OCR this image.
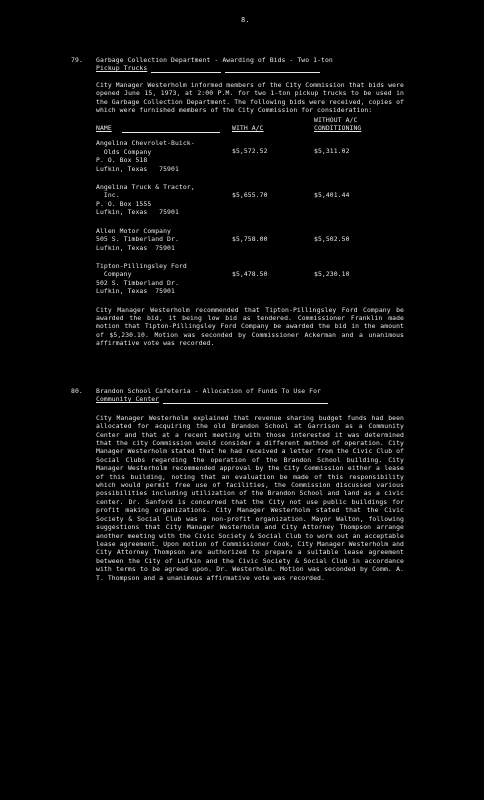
8.
79. Garbage Collection Department - Awarding of Bids - Two 1-ton
Pickup Trucks

City Manager Westerholm informed members of the City Commission that bids were opened June 15, 1973, at 2:00 P.M. for two 1-ton pickup trucks to be used in the Garbage Collection Department. The following bids were received, copies of which were furnished members of the City Commission for consideration:

WITHOUT A/C
NAME	WITH A/C	CONDITIONING
Angelina Chevrolet-Buick-
Olds Company
P. O. Box 518
Lufkin, Texas   75901
$5,572.52	$5,311.02
Angelina Truck & Tractor,
Inc.
P. O. Box 1555
Lufkin, Texas   75901
$5,655.70	$5,401.44
Allen Motor Company
505 S. Timberland Dr.
Lufkin, Texas  75901
$5,758.00	$5,502.50
Tipton-Pillingsley Ford
Company
502 S. Timberland Dr.
Lufkin, Texas  75901
$5,478.50	$5,230.10

City Manager Westerholm recommended that Tipton-Pillingsley Ford Company be awarded the bid, it being low bid as tendered. Commissioner Franklin made motion that Tipton-Pillingsley Ford Company be awarded the bid in the amount of $5,230.10. Motion was seconded by Commissioner Ackerman and a unanimous affirmative vote was recorded.

80. Brandon School Cafeteria - Allocation of Funds To Use For
Community Center

City Manager Westerholm explained that revenue sharing budget funds had been allocated for acquiring the old Brandon School at Garrison as a Community Center and that at a recent meeting with those interested it was determined that the city Commission would consider a different method of operation. City Manager Westerholm stated that he had received a letter from the Civic Club of Social Clubs regarding the operation of the Brandon School building. City Manager Westerholm recommended approval by the City Commission either a lease of this building, noting that an evaluation be made of this responsibility which would permit free use of facilities, the Commission discussed various possibilities including utilization of the Brandon School and land as a civic center. Dr. Sanford is concerned that the City not use public buildings for profit making organizations. City Manager Westerholm stated that the Civic Society & Social Club was a non-profit organization. Mayor Walton, following suggestions that City Manager Westerholm and City Attorney Thompson arrange another meeting with the Civic Society & Social Club to work out an acceptable lease agreement. Upon motion of Commissioner Cook, City Manager Westerholm and City Attorney Thompson are authorized to prepare a suitable lease agreement between the City of Lufkin and the Civic Society & Social Club in accordance with terms to be agreed upon. Dr. Westerholm. Motion was seconded by Comm. A. T. Thompson and a unanimous affirmative vote was recorded.
